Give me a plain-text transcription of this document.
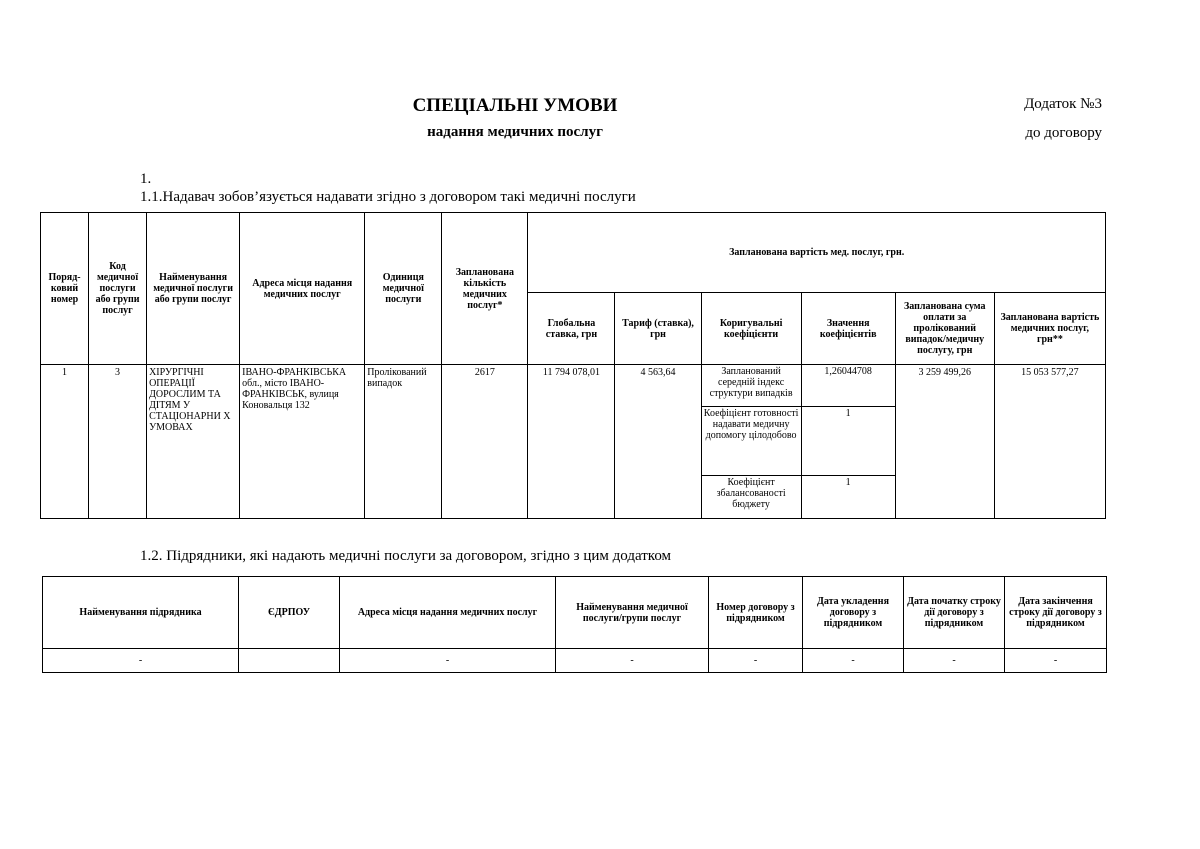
СПЕЦІАЛЬНІ УМОВИ
надання медичних послуг
Додаток №3
до договору
1.
1.1.Надавач зобов’язується надавати згідно з договором такі медичні послуги
Поряд-ковий номер	Код медичної послуги або групи послуг	Найменування медичної послуги або групи послуг	Адреса місця надання медичних послуг	Одиниця медичної послуги	Запланована кількість медичних послуг*	Запланована вартість мед. послуг, грн.					
						Глобальна ставка, грн	Тариф (ставка), грн	Коригувальні коефіцієнти	Значення коефіцієнтів	Запланована сума оплати за пролікований випадок/медичну послугу, грн	Запланована вартість медичних послуг, грн**
1	3	ХІРУРГІЧНІ ОПЕРАЦІЇ ДОРОСЛИМ ТА ДІТЯМ У СТАЦІОНАРНИ Х УМОВАХ	ІВАНО-ФРАНКІВСЬКА обл., місто ІВАНО-ФРАНКІВСЬК, вулиця Коновальця 132	Пролікований випадок	2617	11 794 078,01	4 563,64	Запланований середній індекс структури випадків	1,26044708	3 259 499,26	15 053 577,27
								Коефіцієнт готовності надавати медичну допомогу цілодобово	1		
								Коефіцієнт збалансованості бюджету	1		
1.2. Підрядники, які надають медичні послуги за договором, згідно з цим додатком
Найменування підрядника	ЄДРПОУ	Адреса місця надання медичних послуг	Найменування медичної послуги/групи послуг	Номер договору з підрядником	Дата укладення договору з підрядником	Дата початку строку дії договору з підрядником	Дата закінчення строку дії договору з підрядником
-		-	-	-	-	-	-
